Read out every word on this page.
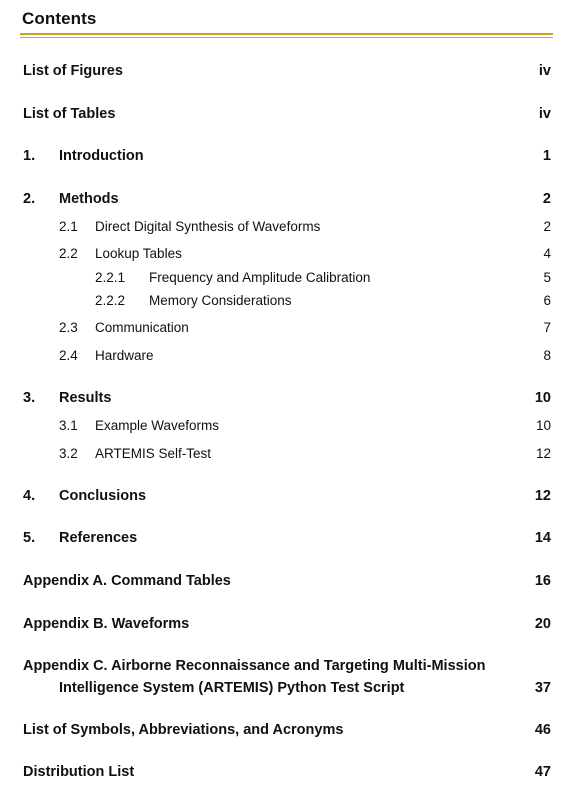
Contents
List of Figures	iv
List of Tables	iv
1. Introduction	1
2. Methods	2
2.1 Direct Digital Synthesis of Waveforms	2
2.2 Lookup Tables	4
2.2.1 Frequency and Amplitude Calibration	5
2.2.2 Memory Considerations	6
2.3 Communication	7
2.4 Hardware	8
3. Results	10
3.1 Example Waveforms	10
3.2 ARTEMIS Self-Test	12
4. Conclusions	12
5. References	14
Appendix A. Command Tables	16
Appendix B. Waveforms	20
Appendix C. Airborne Reconnaissance and Targeting Multi-Mission
Intelligence System (ARTEMIS) Python Test Script	37
List of Symbols, Abbreviations, and Acronyms	46
Distribution List	47
